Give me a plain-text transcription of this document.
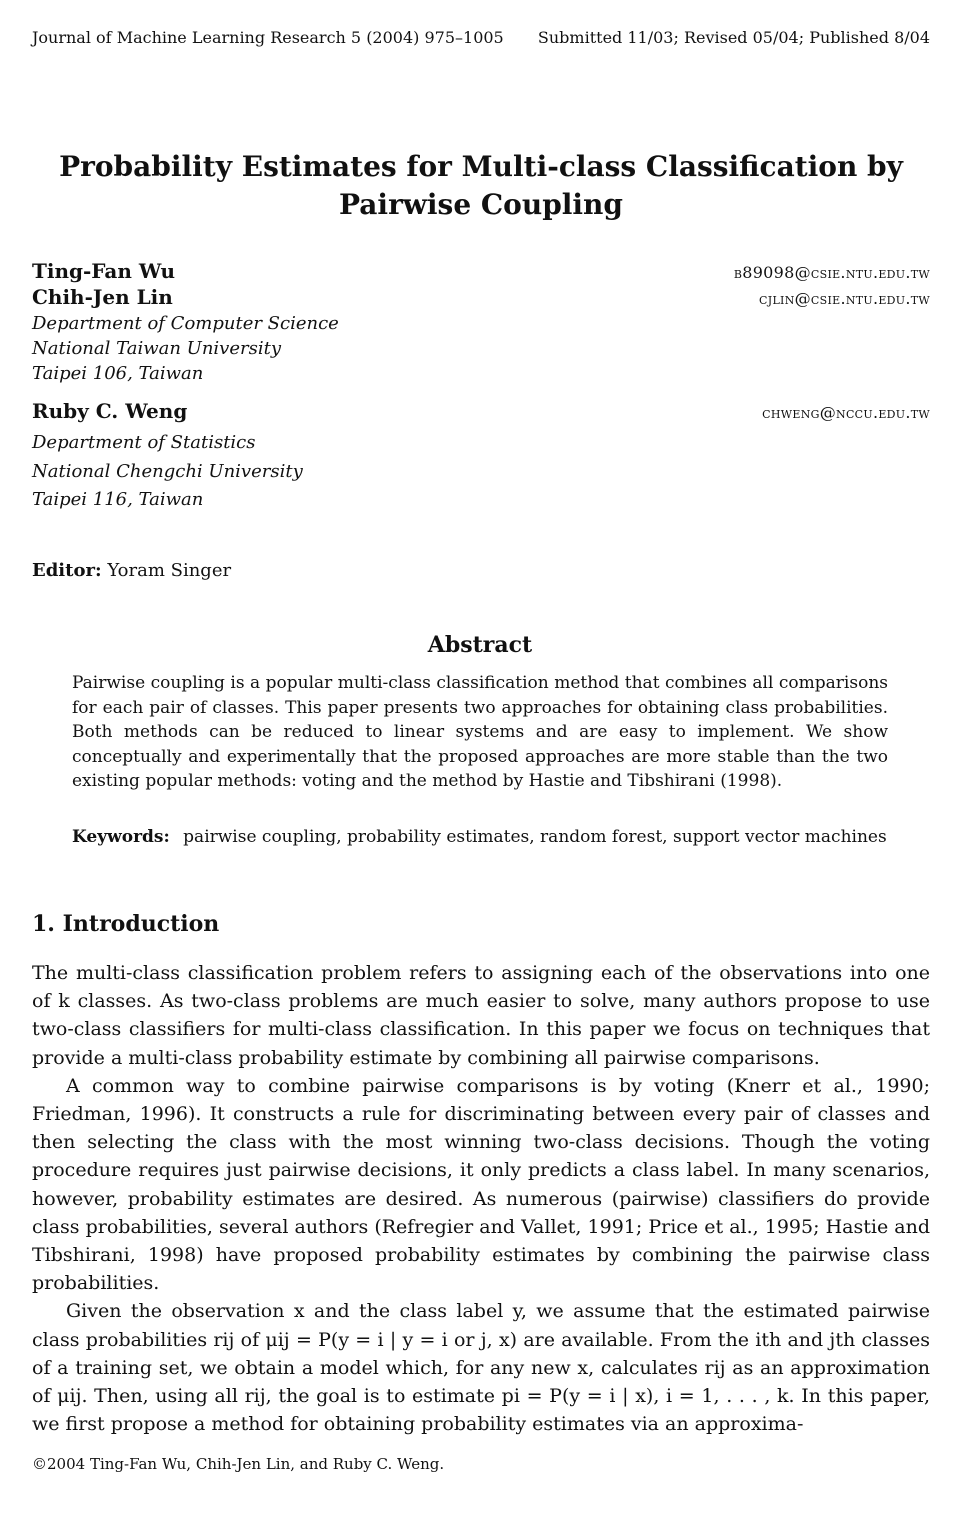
Journal of Machine Learning Research 5 (2004) 975–1005 Submitted 11/03; Revised 05/04; Published 8/04
Probability Estimates for Multi-class Classification by
Pairwise Coupling
Ting-Fan Wu	b89098@csie.ntu.edu.tw
Chih-Jen Lin	cjlin@csie.ntu.edu.tw
Department of Computer Science
National Taiwan University
Taipei 106, Taiwan
Ruby C. Weng	chweng@nccu.edu.tw
Department of Statistics
National Chengchi University
Taipei 116, Taiwan
Editor: Yoram Singer
Abstract
Pairwise coupling is a popular multi-class classification method that combines all comparisons for each pair of classes. This paper presents two approaches for obtaining class probabilities. Both methods can be reduced to linear systems and are easy to implement. We show conceptually and experimentally that the proposed approaches are more stable than the two existing popular methods: voting and the method by Hastie and Tibshirani (1998).
Keywords: pairwise coupling, probability estimates, random forest, support vector machines
1. Introduction

The multi-class classification problem refers to assigning each of the observations into one of k classes. As two-class problems are much easier to solve, many authors propose to use two-class classifiers for multi-class classification. In this paper we focus on techniques that provide a multi-class probability estimate by combining all pairwise comparisons.

A common way to combine pairwise comparisons is by voting (Knerr et al., 1990; Friedman, 1996). It constructs a rule for discriminating between every pair of classes and then selecting the class with the most winning two-class decisions. Though the voting procedure requires just pairwise decisions, it only predicts a class label. In many scenarios, however, probability estimates are desired. As numerous (pairwise) classifiers do provide class probabilities, several authors (Refregier and Vallet, 1991; Price et al., 1995; Hastie and Tibshirani, 1998) have proposed probability estimates by combining the pairwise class probabilities.

Given the observation x and the class label y, we assume that the estimated pairwise class probabilities rij of μij = P(y = i | y = i or j, x) are available. From the ith and jth classes of a training set, we obtain a model which, for any new x, calculates rij as an approximation of μij. Then, using all rij, the goal is to estimate pi = P(y = i | x), i = 1, . . . , k. In this paper, we first propose a method for obtaining probability estimates via an approxima-

©2004 Ting-Fan Wu, Chih-Jen Lin, and Ruby C. Weng.
